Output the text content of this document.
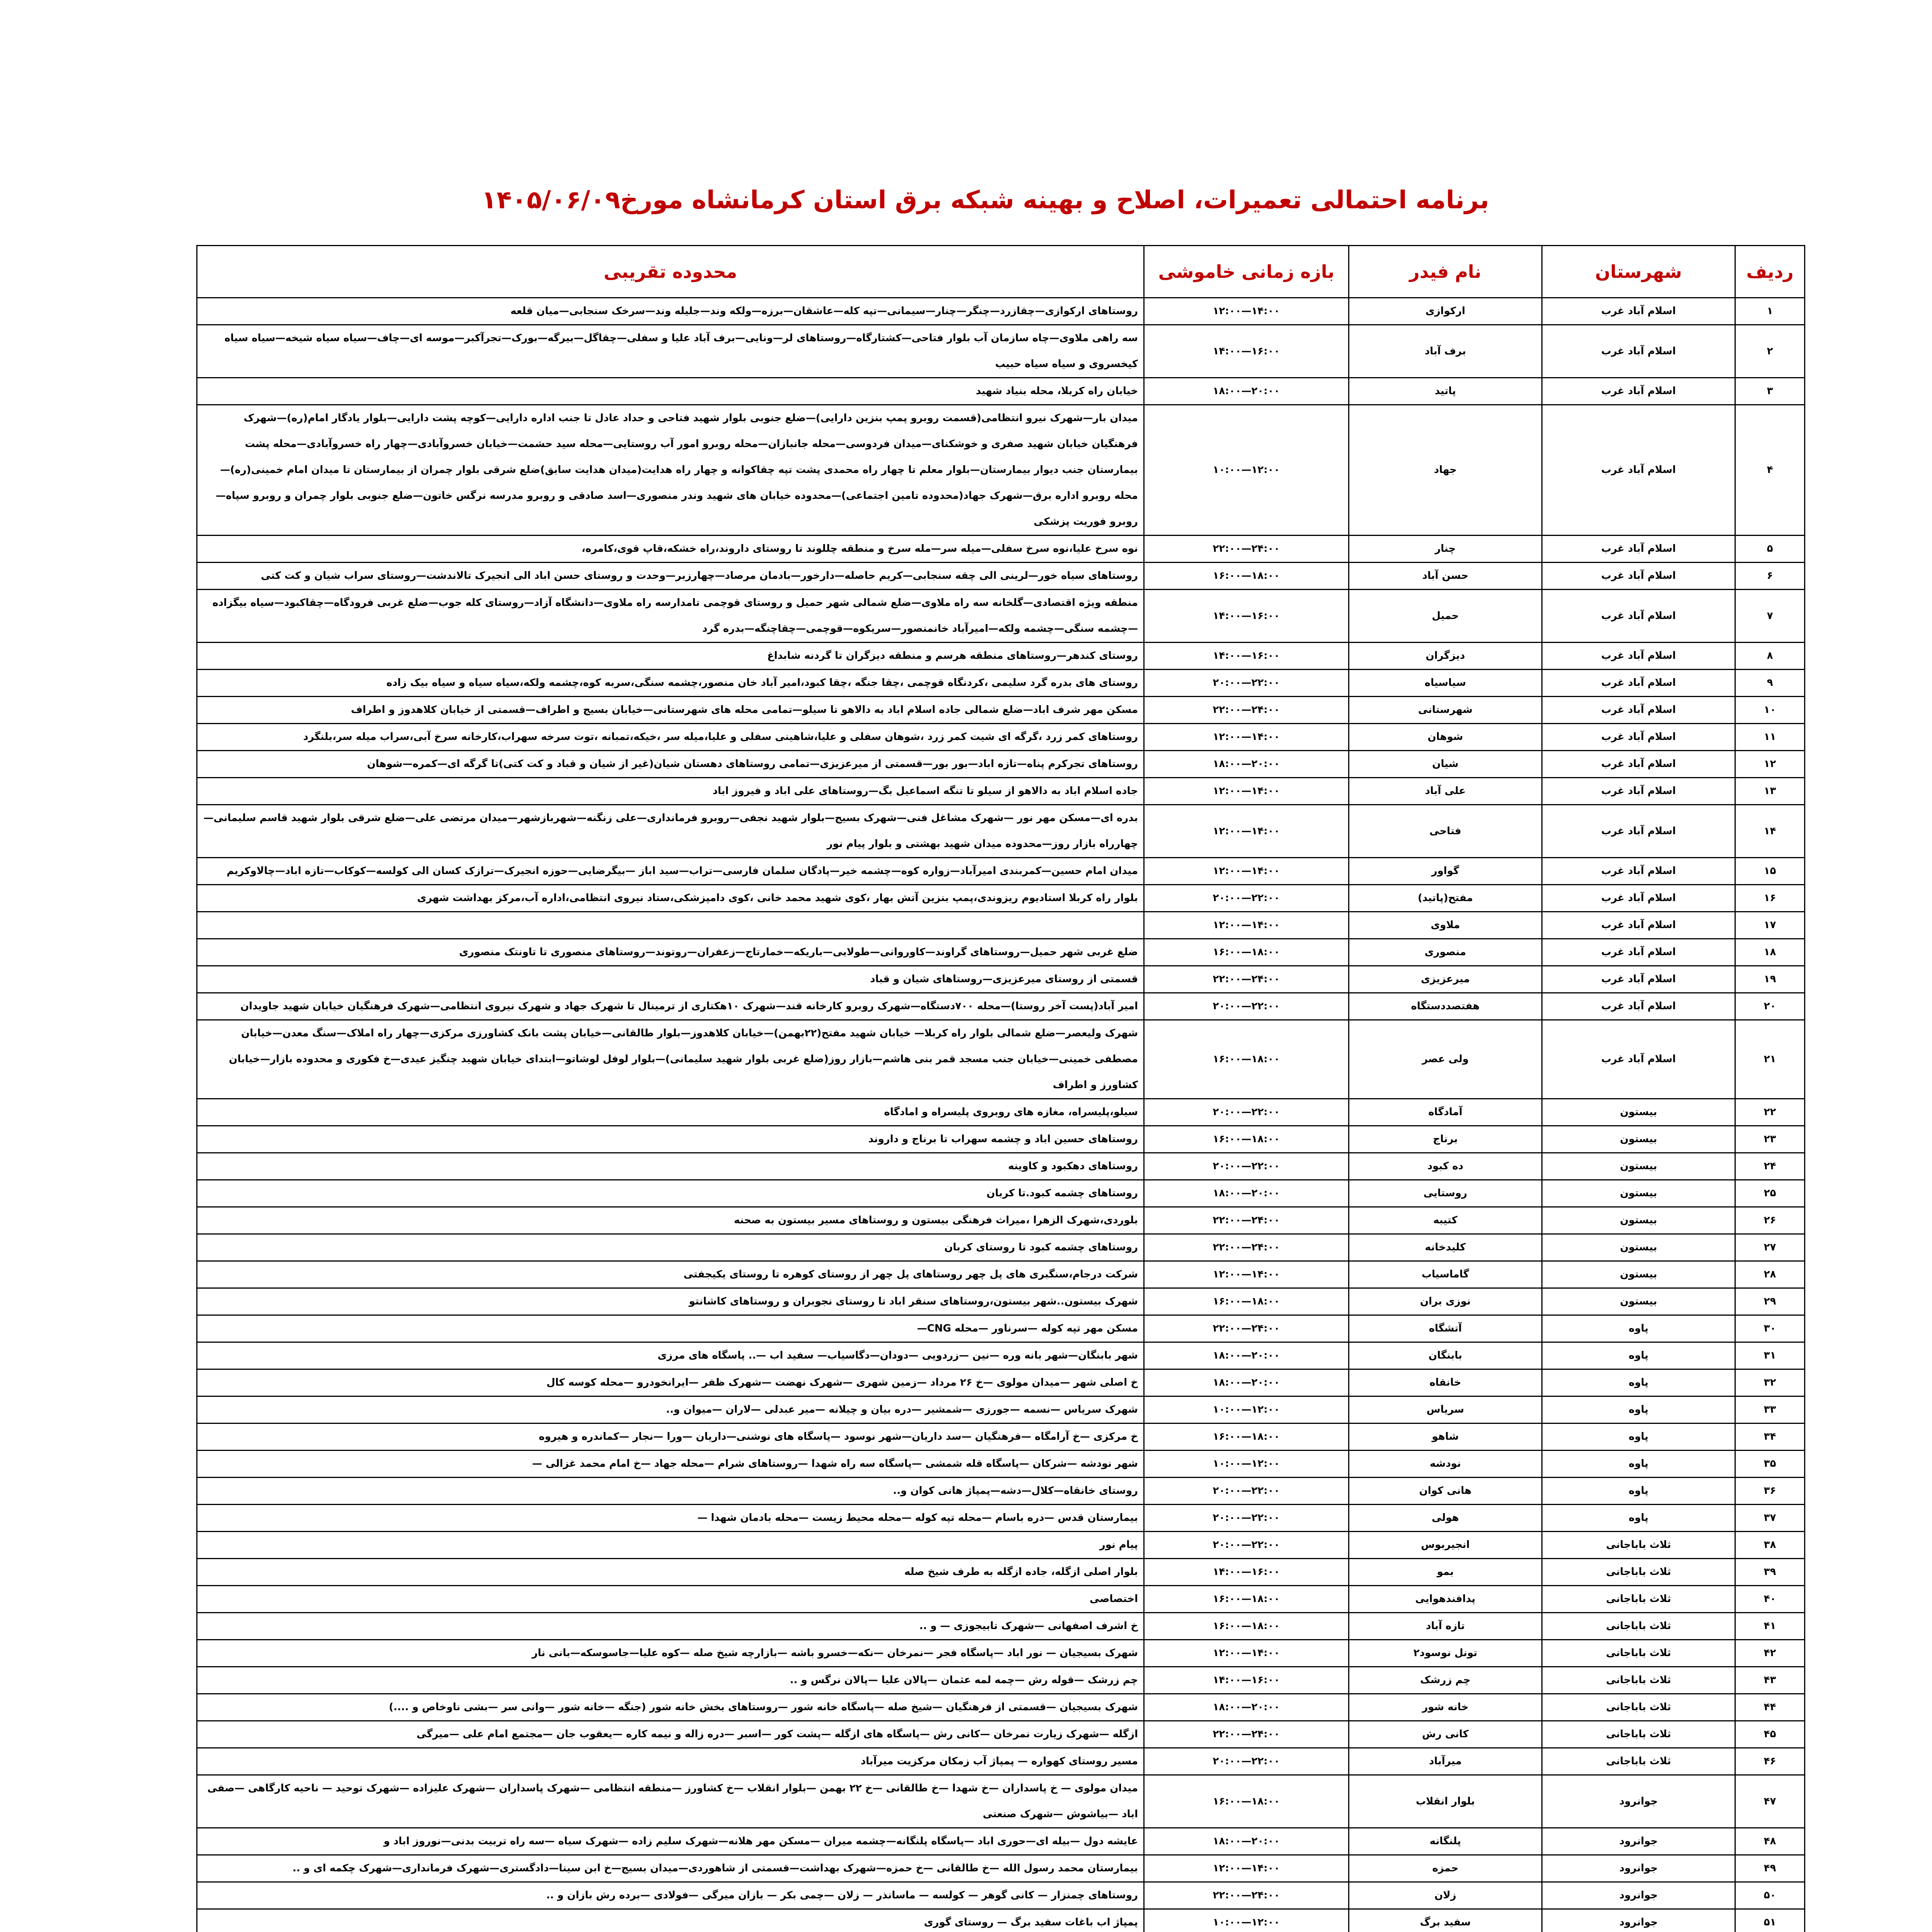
برنامه احتمالی تعمیرات، اصلاح و بهینه شبکه برق استان کرمانشاه مورخ۱۴۰۵/۰۶/۰۹
ردیف	شهرستان	نام فیدر	بازه زمانی خاموشی	محدوده تقریبی
۱	اسلام آباد غرب	ارکوازی	۱۲:۰۰—۱۴:۰۰	روستاهای ارکوازی—چقازرد—چنگر—چنار—سیمانی—تپه کله—عاشقان—برزه—ولکه وند—جلیله وند—سرخک سنجابی—میان قلعه
۲	اسلام آباد غرب	برف آباد	۱۴:۰۰—۱۶:۰۰	سه راهی ملاوی—چاه سازمان آب بلوار فتاحی—کشتارگاه—روستاهای لر—ونایی—برف آباد علیا و سفلی—چقاگل—بیرگه—بورک—تجرآکبر—موسه ای—چاف—سیاه سیاه شیخه—سیاه سیاه کیخسروی و سیاه سیاه حبیب
۳	اسلام آباد غرب	پاتید	۱۸:۰۰—۲۰:۰۰	خیابان راه کربلا، محله بنیاد شهید
۴	اسلام آباد غرب	جهاد	۱۰:۰۰—۱۲:۰۰	میدان بار—شهرک نیرو انتظامی(قسمت روبرو پمپ بنزین دارایی)—ضلع جنوبی بلوار شهید فتاحی و حداد عادل تا جنب اداره دارایی—کوچه پشت دارایی—بلوار یادگار امام(ره)—شهرک فرهنگیان خیابان شهید صفری و خوشکنای—میدان فردوسی—محله جانبازان—محله روبرو امور آب روستایی—محله سید حشمت—خیابان خسروآبادی—چهار راه خسروآبادی—محله پشت بیمارستان جنب دیوار بیمارستان—بلوار معلم تا چهار راه محمدی پشت تپه چقاکوانه و چهار راه هدایت(میدان هدایت سابق)ضلع شرقی بلوار چمران از بیمارستان تا میدان امام خمینی(ره)—محله روبرو اداره برق—شهرک جهاد(محدوده تامین اجتماعی)—محدوده خیابان های شهید وندر منصوری—اسد صادقی و روبرو مدرسه نرگس خاتون—ضلع جنوبی بلوار چمران و روبرو سپاه—روبرو فوریت پزشکی
۵	اسلام آباد غرب	چنار	۲۲:۰۰—۲۴:۰۰	نوه سرخ علیا،نوه سرخ سفلی—میله سر—مله سرخ و منطقه چللوند تا روستای داروند،راه خشکه،قاپ قوی،کامره،
۶	اسلام آباد غرب	حسن آباد	۱۶:۰۰—۱۸:۰۰	روستاهای سیاه خور—لرینی الی چقه سنجابی—کریم حاصله—دارخور—بادمان مرصاد—چهارزبر—وحدت و روستای حسن اباد الی انجیرک تالاندشت—روستای سراب شیان و کت کتی
۷	اسلام آباد غرب	حمیل	۱۴:۰۰—۱۶:۰۰	منطقه ویژه اقتصادی—گلخانه سه راه ملاوی—ضلع شمالی شهر حمیل و روستای قوچمی تامدارسه راه ملاوی—دانشگاه آزاد—روستای کله جوب—ضلع غربی فرودگاه—چقاکبود—سیاه بیگزاده—چشمه سنگی—چشمه ولکه—امیرآباد خانمنصور—سریکوه—قوچمی—چقاچنگه—بدره گرد
۸	اسلام آباد غرب	دیزگران	۱۴:۰۰—۱۶:۰۰	روستای کندهر—روستاهای منطقه هرسم و منطقه دیزگران تا گردنه شابداغ
۹	اسلام آباد غرب	سیاسیاه	۲۰:۰۰—۲۲:۰۰	روستای های بدره گرد سلیمی ،کردنگاه قوچمی ،چقا جنگه ،چقا کبود،امیر آباد خان منصور،چشمه سنگی،سربه کوه،چشمه ولکه،سیاه سیاه و سیاه بیک زاده
۱۰	اسلام آباد غرب	شهرستانی	۲۲:۰۰—۲۴:۰۰	مسکن مهر شرف اباد—ضلع شمالی جاده اسلام اباد به دالاهو تا سیلو—تمامی محله های شهرستانی—خیابان بسیج و اطراف—قسمتی از خیابان کلاهدوز و اطراف
۱۱	اسلام آباد غرب	شوهان	۱۲:۰۰—۱۴:۰۰	روستاهای کمر زرد ،گرگه ای شیت کمر زرد ،شوهان سفلی و علیا،شاهینی سفلی و علیا،میله سر ،خیکه،تمبانه ،توت سرخه سهراب،کارخانه سرخ آبی،سراب میله سر،بلنگرد
۱۲	اسلام آباد غرب	شیان	۱۸:۰۰—۲۰:۰۰	روستاهای تجرکرم پناه—تازه اباد—بور بور—قسمتی از میرعزیزی—تمامی روستاهای دهستان شیان(غیر از شیان و قباد و کت کتی)تا گرگه ای—کمره—شوهان
۱۳	اسلام آباد غرب	علی آباد	۱۲:۰۰—۱۴:۰۰	جاده اسلام اباد به دالاهو از سیلو تا تنگه اسماعیل بگ—روستاهای علی اباد و فیروز اباد
۱۴	اسلام آباد غرب	فتاحی	۱۲:۰۰—۱۴:۰۰	بدره ای—مسکن مهر نور —شهرک مشاغل فنی—شهرک بسیج—بلوار شهید نجفی—روبرو فرمانداری—علی زنگنه—شهربازشهر—میدان مرتضی علی—ضلع شرقی بلوار شهید قاسم سلیمانی—چهارراه بازار روز—محدوده میدان شهید بهشتی و بلوار پیام نور
۱۵	اسلام آباد غرب	گواور	۱۲:۰۰—۱۴:۰۰	میدان امام حسین—کمربندی امیرآباد—زواره کوه—چشمه خیر—پادگان سلمان فارسی—تراب—سید اباز —بیگرضایی—حوزه انجیرک—ترازک کسان الی کولسه—کوکاب—تازه اباد—چالاوکریم
۱۶	اسلام آباد غرب	مفتح(پاتید)	۲۰:۰۰—۲۲:۰۰	بلوار راه کربلا استادیوم ریزوندی،پمپ بنزین آتش بهار ،کوی شهید محمد خانی ،کوی دامپزشکی،ستاد نیروی انتظامی،اداره آب،مرکز بهداشت شهری
۱۷	اسلام آباد غرب	ملاوی	۱۲:۰۰—۱۴:۰۰	
۱۸	اسلام آباد غرب	منصوری	۱۶:۰۰—۱۸:۰۰	ضلع غربی شهر حمیل—روستاهای گراوند—کاوروانی—طولابی—باریکه—خمارتاج—زعفران—روتوند—روستاهای منصوری تا تاونتک منصوری
۱۹	اسلام آباد غرب	میرعزیزی	۲۲:۰۰—۲۴:۰۰	قسمتی از روستای میرعزیزی—روستاهای شیان و قباد
۲۰	اسلام آباد غرب	هفتصددستگاه	۲۰:۰۰—۲۲:۰۰	امیر آباد(پست آخر روستا)—محله ۷۰۰دستگاه—شهرک روبرو کارخانه قند—شهرک ۱۰هکتاری از ترمینال تا شهرک جهاد و شهرک نیروی انتظامی—شهرک فرهنگیان خیابان شهید جاویدان
۲۱	اسلام آباد غرب	ولی عصر	۱۶:۰۰—۱۸:۰۰	شهرک ولیعصر—ضلع شمالی بلوار راه کربلا— خیابان شهید مفتح(۲۲بهمن)—خیابان کلاهدوز—بلوار طالقانی—خیابان پشت بانک کشاورزی مرکزی—چهار راه املاک—سنگ معدن—خیابان مصطفی خمینی—خیابان جنب مسجد قمر بنی هاشم—بازار روز(ضلع غربی بلوار شهید سلیمانی)—بلوار لوفل لوشاتو—ابتدای خیابان شهید چنگیز عیدی—خ فکوری و محدوده بازار—خیابان کشاورز و اطراف
۲۲	بیستون	آمادگاه	۲۰:۰۰—۲۲:۰۰	سیلو،پلیسراه، مغازه های روبروی پلیسراه و امادگاه
۲۳	بیستون	برناج	۱۶:۰۰—۱۸:۰۰	روستاهای حسین اباد و چشمه سهراب تا برناج و داروند
۲۴	بیستون	ده کبود	۲۰:۰۰—۲۲:۰۰	روستاهای دهکبود و کاوینه
۲۵	بیستون	روستایی	۱۸:۰۰—۲۰:۰۰	روستاهای چشمه کبود.تا کربان
۲۶	بیستون	کتیبه	۲۲:۰۰—۲۴:۰۰	بلوردی،شهرک الزهرا ،میراث فرهنگی بیستون و روستاهای مسیر بیستون به صحنه
۲۷	بیستون	کلیدخانه	۲۲:۰۰—۲۴:۰۰	روستاهای چشمه کبود تا روستای کربان
۲۸	بیستون	گاماسیاب	۱۲:۰۰—۱۴:۰۰	شرکت درجام،سنگبری های پل چهر روستاهای پل چهر از روستای کوهره تا روستای یکیجفتی
۲۹	بیستون	نوزی بران	۱۶:۰۰—۱۸:۰۰	شهرک بیستون..شهر بیستون،روستاهای سنقر اباد تا روستای نجوبران و روستاهای کاشانتو
۳۰	پاوه	آتشگاه	۲۲:۰۰—۲۴:۰۰	مسکن مهر تپه کوله —سرناور —محله CNG—
۳۱	پاوه	بابنگان	۱۸:۰۰—۲۰:۰۰	شهر بابنگان—شهر بانه وره —نین —زردویی —دودان—دگاسیاب— سفید اب —.. پاسگاه های مرزی
۳۲	پاوه	خانقاه	۱۸:۰۰—۲۰:۰۰	خ اصلی شهر —میدان مولوی —خ ۲۶ مرداد —زمین شهری —شهرک نهضت —شهرک ظفر —ایرانخودرو —محله کوسه کال
۳۳	پاوه	سریاس	۱۰:۰۰—۱۲:۰۰	شهرک سریاس —نسمه —جورزی —شمشیر —دره بیان و چیلانه —میر عبدلی —لاران —میوان و..
۳۴	پاوه	شاهو	۱۶:۰۰—۱۸:۰۰	خ مرکزی —خ آرامگاه —فرهنگیان —سد داریان—شهر نوسود —پاسگاه های نوشنی—داریان —ورا —نجار —کماندره و هیروه
۳۵	پاوه	نودشه	۱۰:۰۰—۱۲:۰۰	شهر نودشه —شرکان —پاسگاه قله شمشی —پاسگاه سه راه شهدا —روستاهای شرام —محله جهاد —خ امام محمد غزالی —
۳۶	پاوه	هانی کوان	۲۰:۰۰—۲۲:۰۰	روستای خانقاه—کلال—دشه—پمپاژ هانی کوان و..
۳۷	پاوه	هولی	۲۰:۰۰—۲۲:۰۰	بیمارستان قدس —دره باسام —محله تپه کوله —محله محیط زیست —محله بادمان شهدا —
۳۸	ثلاث باباجانی	انجیربوس	۲۰:۰۰—۲۲:۰۰	پیام نور
۳۹	ثلاث باباجانی	بمو	۱۴:۰۰—۱۶:۰۰	بلوار اصلی ازگله، جاده ازگله به طرف شیخ صله
۴۰	ثلاث باباجانی	پدافندهوایی	۱۶:۰۰—۱۸:۰۰	اختصاصی
۴۱	ثلاث باباجانی	تازه آباد	۱۶:۰۰—۱۸:۰۰	خ اشرف اصفهانی —شهرک تابیجوزی — و ..
۴۲	ثلاث باباجانی	تونل نوسود۲	۱۲:۰۰—۱۴:۰۰	شهرک بسیجیان — نور اباد —پاسگاه فجر —نمرخان —نکه—خسرو باشه —بازارچه شیخ صله —کوه علیا—جاسوسکه—بانی نار
۴۳	ثلاث باباجانی	چم زرشک	۱۴:۰۰—۱۶:۰۰	چم زرشک —قوله رش —چمه لمه عثمان —پالان علیا —پالان نرگس و ..
۴۴	ثلاث باباجانی	خانه شور	۱۸:۰۰—۲۰:۰۰	شهرک بسیجیان —قسمتی از فرهنگیان —شیخ صله —پاسگاه خانه شور —روستاهای بخش خانه شور (جنگه —خانه شور —وانی سر —بشی ناوخاص و ....)
۴۵	ثلاث باباجانی	کانی رش	۲۲:۰۰—۲۴:۰۰	ازگله —شهرک زیارت نمرخان —کانی رش —پاسگاه های ازگله —پشت کور —اسبر —دره زاله و نیمه کاره —یعقوب جان —مجتمع امام علی —میرگی
۴۶	ثلاث باباجانی	میرآباد	۲۰:۰۰—۲۲:۰۰	مسیر روستای کهواره — پمپاژ آب زمکان مرکزیت میرآباد
۴۷	جوانرود	بلوار انقلاب	۱۶:۰۰—۱۸:۰۰	میدان مولوی — خ پاسداران —خ شهدا —خ طالقانی —خ ۲۲ بهمن —بلوار انقلاب —خ کشاورز —منطقه انتظامی —شهرک پاسداران —شهرک علیزاده —شهرک توحید — ناحیه کارگاهی —صفی اباد —بیاشوش —شهرک صنعتی
۴۸	جوانرود	پلنگانه	۱۸:۰۰—۲۰:۰۰	عایشه دول —بیله ای—حوری اباد —پاسگاه پلنگانه—چشمه میران —مسکن مهر هلانه—شهرک سلیم زاده —شهرک سیاه —سه راه تربیت بدنی—نوروز اباد و
۴۹	جوانرود	حمزه	۱۲:۰۰—۱۴:۰۰	بیمارستان محمد رسول الله —خ طالقانی —خ حمزه—شهرک بهداشت—قسمتی از شاهوردی—میدان بسیج—خ ابن سینا—دادگستری—شهرک فرمانداری—شهرک چکمه ای و ..
۵۰	جوانرود	زلان	۲۲:۰۰—۲۴:۰۰	روستاهای چمنزار — کانی گوهر — کولسه — ماسانذر — زلان —چمی بکر — بازان میرگی —فولادی —برده رش بازان و ..
۵۱	جوانرود	سفید برگ	۱۰:۰۰—۱۲:۰۰	پمپاژ اب باغات سفید برگ — روستای گوری
